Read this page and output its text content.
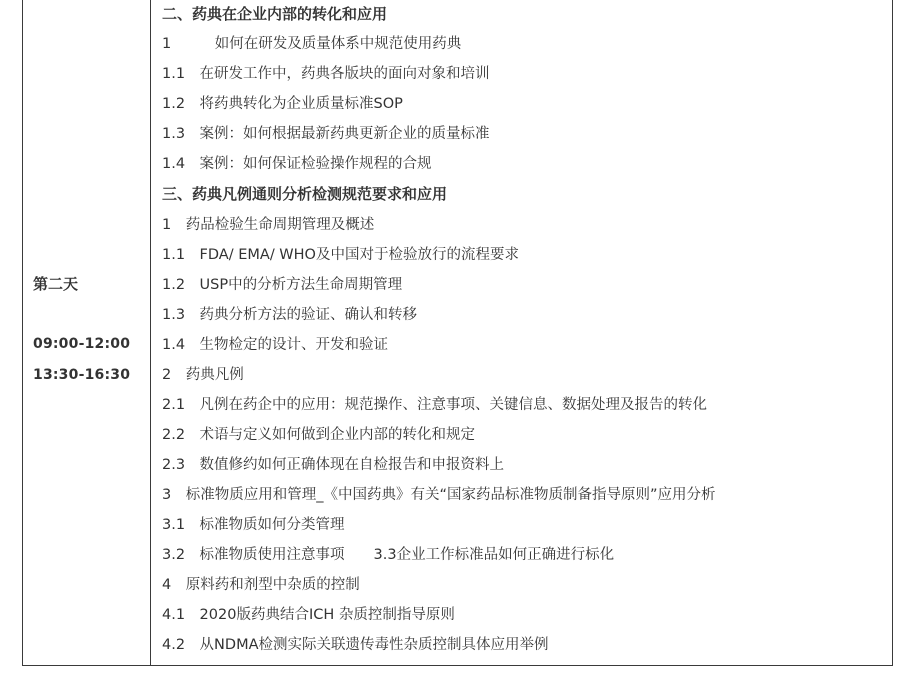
第二天
09:00-12:00
13:30-16:30
二、药典在企业内部的转化和应用
1　　　如何在研发及质量体系中规范使用药典
1.1　在研发工作中，药典各版块的面向对象和培训
1.2　将药典转化为企业质量标准SOP
1.3　案例：如何根据最新药典更新企业的质量标准
1.4　案例：如何保证检验操作规程的合规
三、药典凡例通则分析检测规范要求和应用
1　药品检验生命周期管理及概述
1.1　FDA/ EMA/ WHO及中国对于检验放行的流程要求
1.2　USP中的分析方法生命周期管理
1.3　药典分析方法的验证、确认和转移
1.4　生物检定的设计、开发和验证
2　药典凡例
2.1　凡例在药企中的应用：规范操作、注意事项、关键信息、数据处理及报告的转化
2.2　术语与定义如何做到企业内部的转化和规定
2.3　数值修约如何正确体现在自检报告和申报资料上
3　标准物质应用和管理_《中国药典》有关“国家药品标准物质制备指导原则”应用分析
3.1　标准物质如何分类管理
3.2　标准物质使用注意事项　　3.3企业工作标准品如何正确进行标化
4　原料药和剂型中杂质的控制
4.1　2020版药典结合ICH 杂质控制指导原则
4.2　从NDMA检测实际关联遗传毒性杂质控制具体应用举例
